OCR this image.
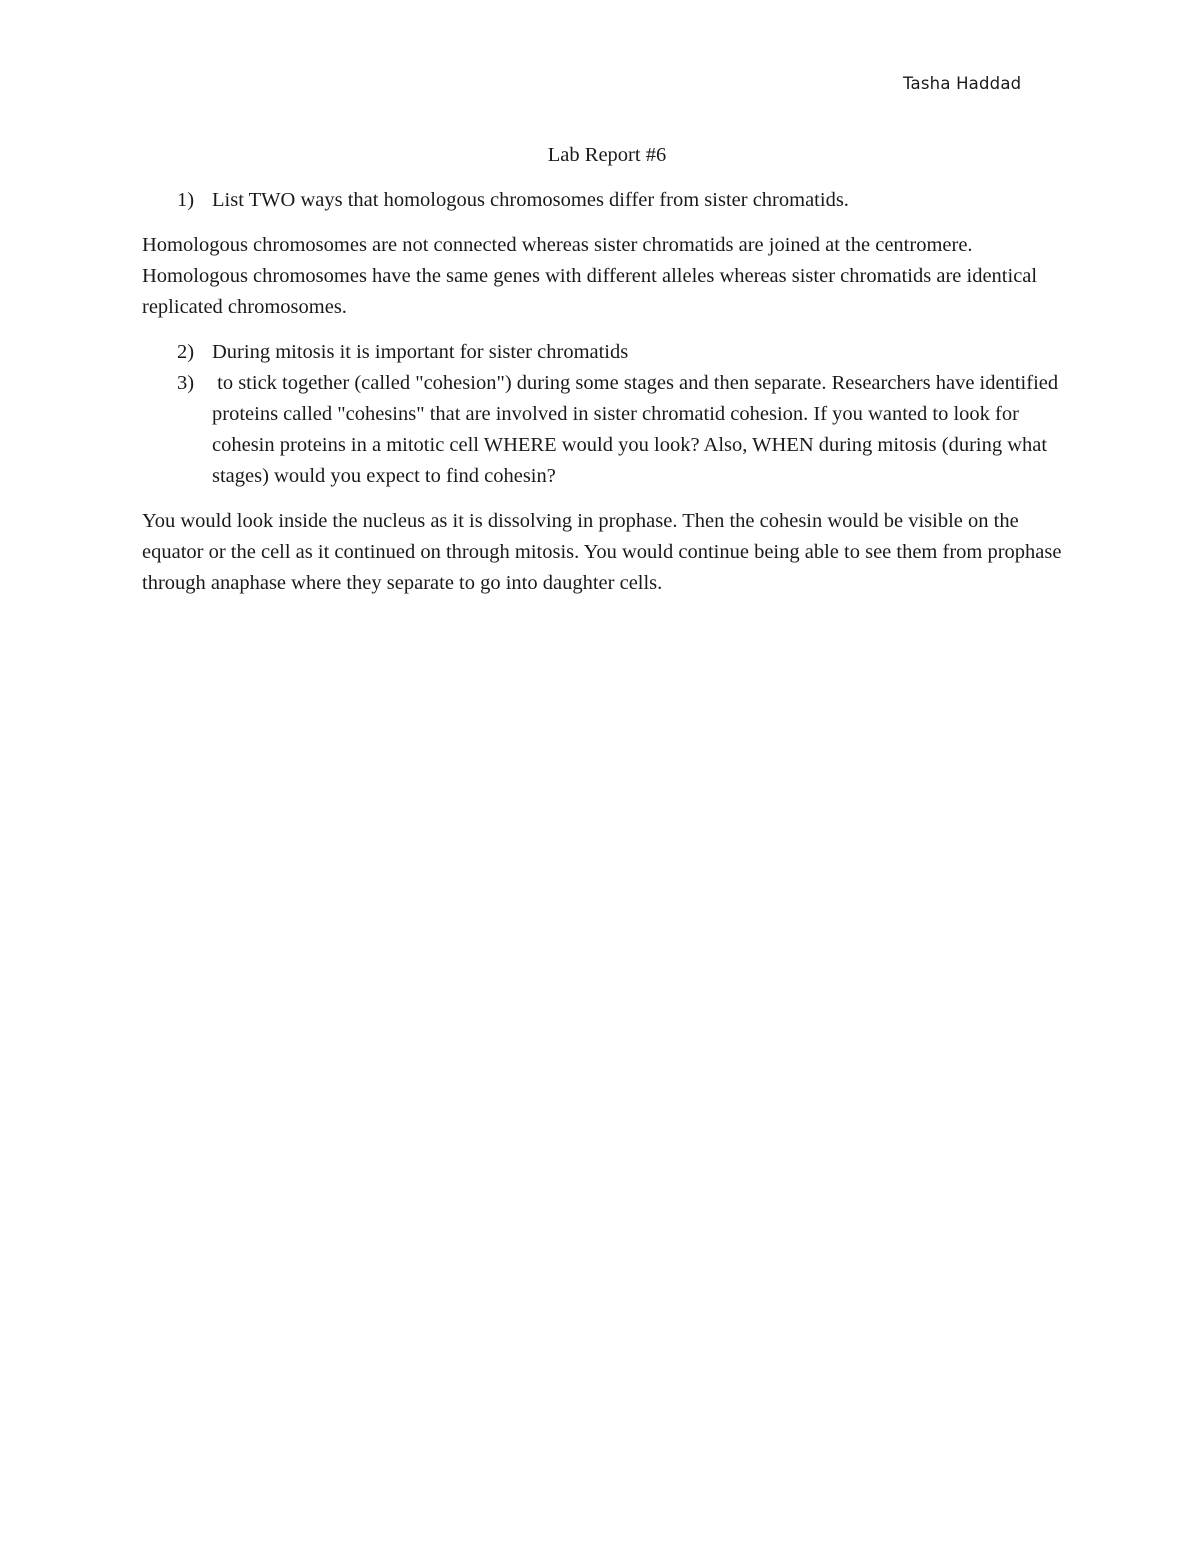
Tasha Haddad
Lab Report #6
1) List TWO ways that homologous chromosomes differ from sister chromatids.

Homologous chromosomes are not connected whereas sister chromatids are joined at the centromere. Homologous chromosomes have the same genes with different alleles whereas sister chromatids are identical replicated chromosomes.

2) During mitosis it is important for sister chromatids
3) to stick together (called "cohesion") during some stages and then separate. Researchers have identified proteins called "cohesins" that are involved in sister chromatid cohesion. If you wanted to look for cohesin proteins in a mitotic cell WHERE would you look? Also, WHEN during mitosis (during what stages) would you expect to find cohesin?

You would look inside the nucleus as it is dissolving in prophase. Then the cohesin would be visible on the equator or the cell as it continued on through mitosis. You would continue being able to see them from prophase through anaphase where they separate to go into daughter cells.
